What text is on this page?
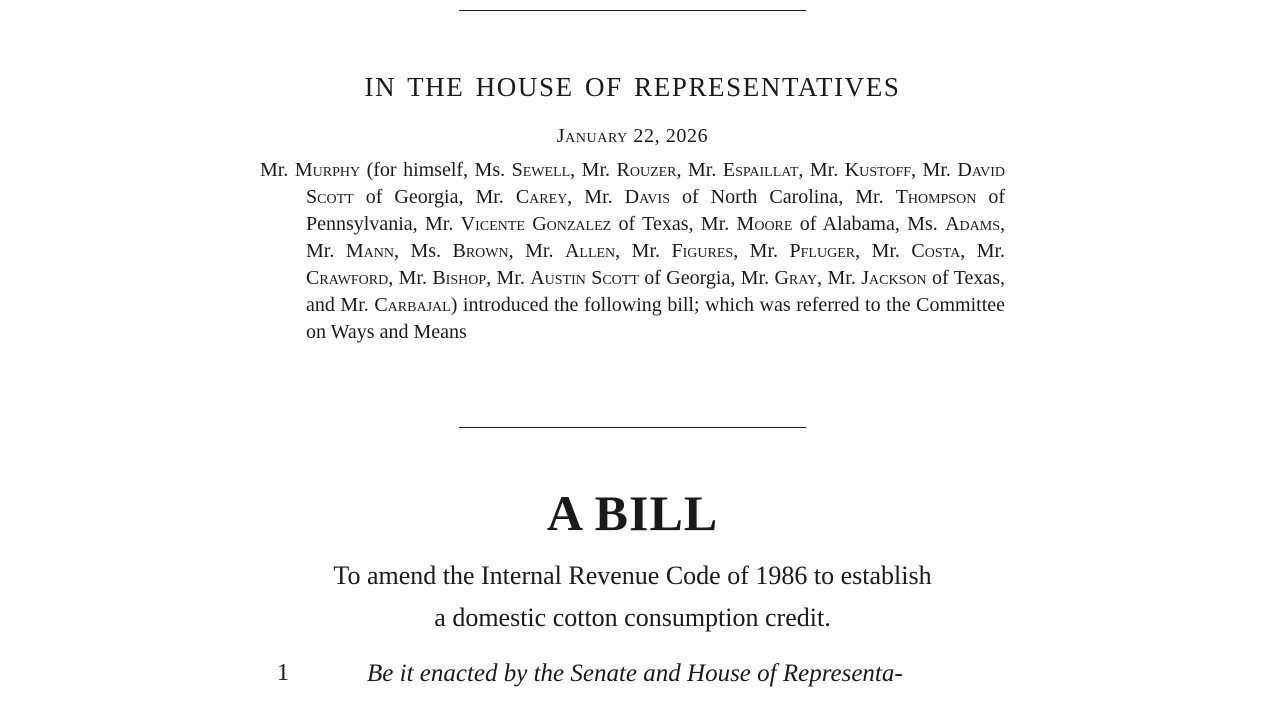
IN THE HOUSE OF REPRESENTATIVES
January 22, 2026
Mr. Murphy (for himself, Ms. Sewell, Mr. Rouzer, Mr. Espaillat, Mr. Kustoff, Mr. David Scott of Georgia, Mr. Carey, Mr. Davis of North Carolina, Mr. Thompson of Pennsylvania, Mr. Vicente Gonzalez of Texas, Mr. Moore of Alabama, Ms. Adams, Mr. Mann, Ms. Brown, Mr. Allen, Mr. Figures, Mr. Pfluger, Mr. Costa, Mr. Crawford, Mr. Bishop, Mr. Austin Scott of Georgia, Mr. Gray, Mr. Jackson of Texas, and Mr. Carbajal) introduced the following bill; which was referred to the Committee on Ways and Means
A BILL
To amend the Internal Revenue Code of 1986 to establish
a domestic cotton consumption credit.
1	Be it enacted by the Senate and House of Representa-
